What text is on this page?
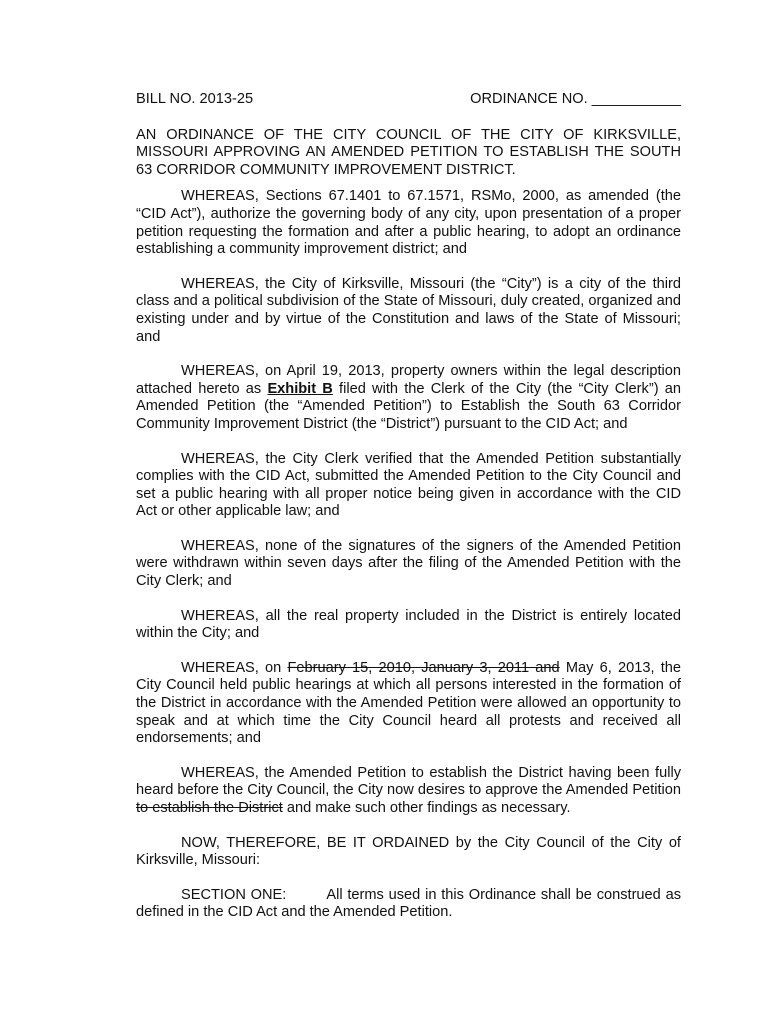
BILL NO. 2013-25	ORDINANCE NO. ___________

AN ORDINANCE OF THE CITY COUNCIL OF THE CITY OF KIRKSVILLE, MISSOURI APPROVING AN AMENDED PETITION TO ESTABLISH THE SOUTH 63 CORRIDOR COMMUNITY IMPROVEMENT DISTRICT.

WHEREAS, Sections 67.1401 to 67.1571, RSMo, 2000, as amended (the “CID Act”), authorize the governing body of any city, upon presentation of a proper petition requesting the formation and after a public hearing, to adopt an ordinance establishing a community improvement district; and

WHEREAS, the City of Kirksville, Missouri (the “City”) is a city of the third class and a political subdivision of the State of Missouri, duly created, organized and existing under and by virtue of the Constitution and laws of the State of Missouri; and

WHEREAS, on April 19, 2013, property owners within the legal description attached hereto as Exhibit B filed with the Clerk of the City (the “City Clerk”) an Amended Petition (the “Amended Petition”) to Establish the South 63 Corridor Community Improvement District (the “District”) pursuant to the CID Act; and

WHEREAS, the City Clerk verified that the Amended Petition substantially complies with the CID Act, submitted the Amended Petition to the City Council and set a public hearing with all proper notice being given in accordance with the CID Act or other applicable law; and

WHEREAS, none of the signatures of the signers of the Amended Petition were withdrawn within seven days after the filing of the Amended Petition with the City Clerk; and

WHEREAS, all the real property included in the District is entirely located within the City; and

WHEREAS, on February 15, 2010, January 3, 2011 and May 6, 2013, the City Council held public hearings at which all persons interested in the formation of the District in accordance with the Amended Petition were allowed an opportunity to speak and at which time the City Council heard all protests and received all endorsements; and

WHEREAS, the Amended Petition to establish the District having been fully heard before the City Council, the City now desires to approve the Amended Petition to establish the District and make such other findings as necessary.

NOW, THEREFORE, BE IT ORDAINED by the City Council of the City of Kirksville, Missouri:

SECTION ONE:	All terms used in this Ordinance shall be construed as defined in the CID Act and the Amended Petition.
